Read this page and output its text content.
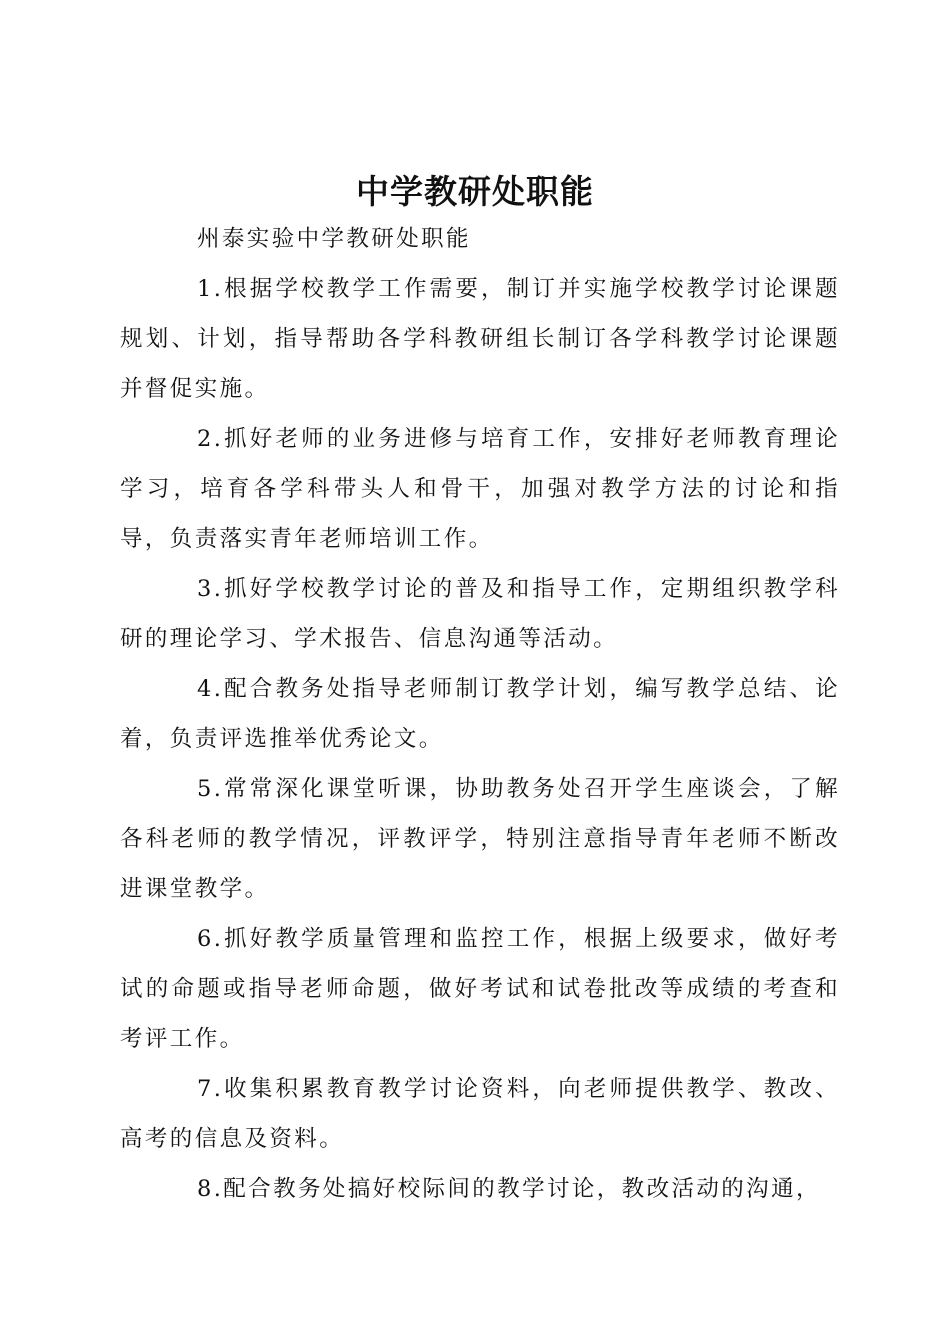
中学教研处职能

州泰实验中学教研处职能

1.根据学校教学工作需要，制订并实施学校教学讨论课题规划、计划，指导帮助各学科教研组长制订各学科教学讨论课题并督促实施。

2.抓好老师的业务进修与培育工作，安排好老师教育理论学习，培育各学科带头人和骨干，加强对教学方法的讨论和指导，负责落实青年老师培训工作。

3.抓好学校教学讨论的普及和指导工作，定期组织教学科研的理论学习、学术报告、信息沟通等活动。

4.配合教务处指导老师制订教学计划，编写教学总结、论着，负责评选推举优秀论文。

5.常常深化课堂听课，协助教务处召开学生座谈会，了解各科老师的教学情况，评教评学，特别注意指导青年老师不断改进课堂教学。

6.抓好教学质量管理和监控工作，根据上级要求，做好考试的命题或指导老师命题，做好考试和试卷批改等成绩的考查和考评工作。

7.收集积累教育教学讨论资料，向老师提供教学、教改、高考的信息及资料。

8.配合教务处搞好校际间的教学讨论，教改活动的沟通，
